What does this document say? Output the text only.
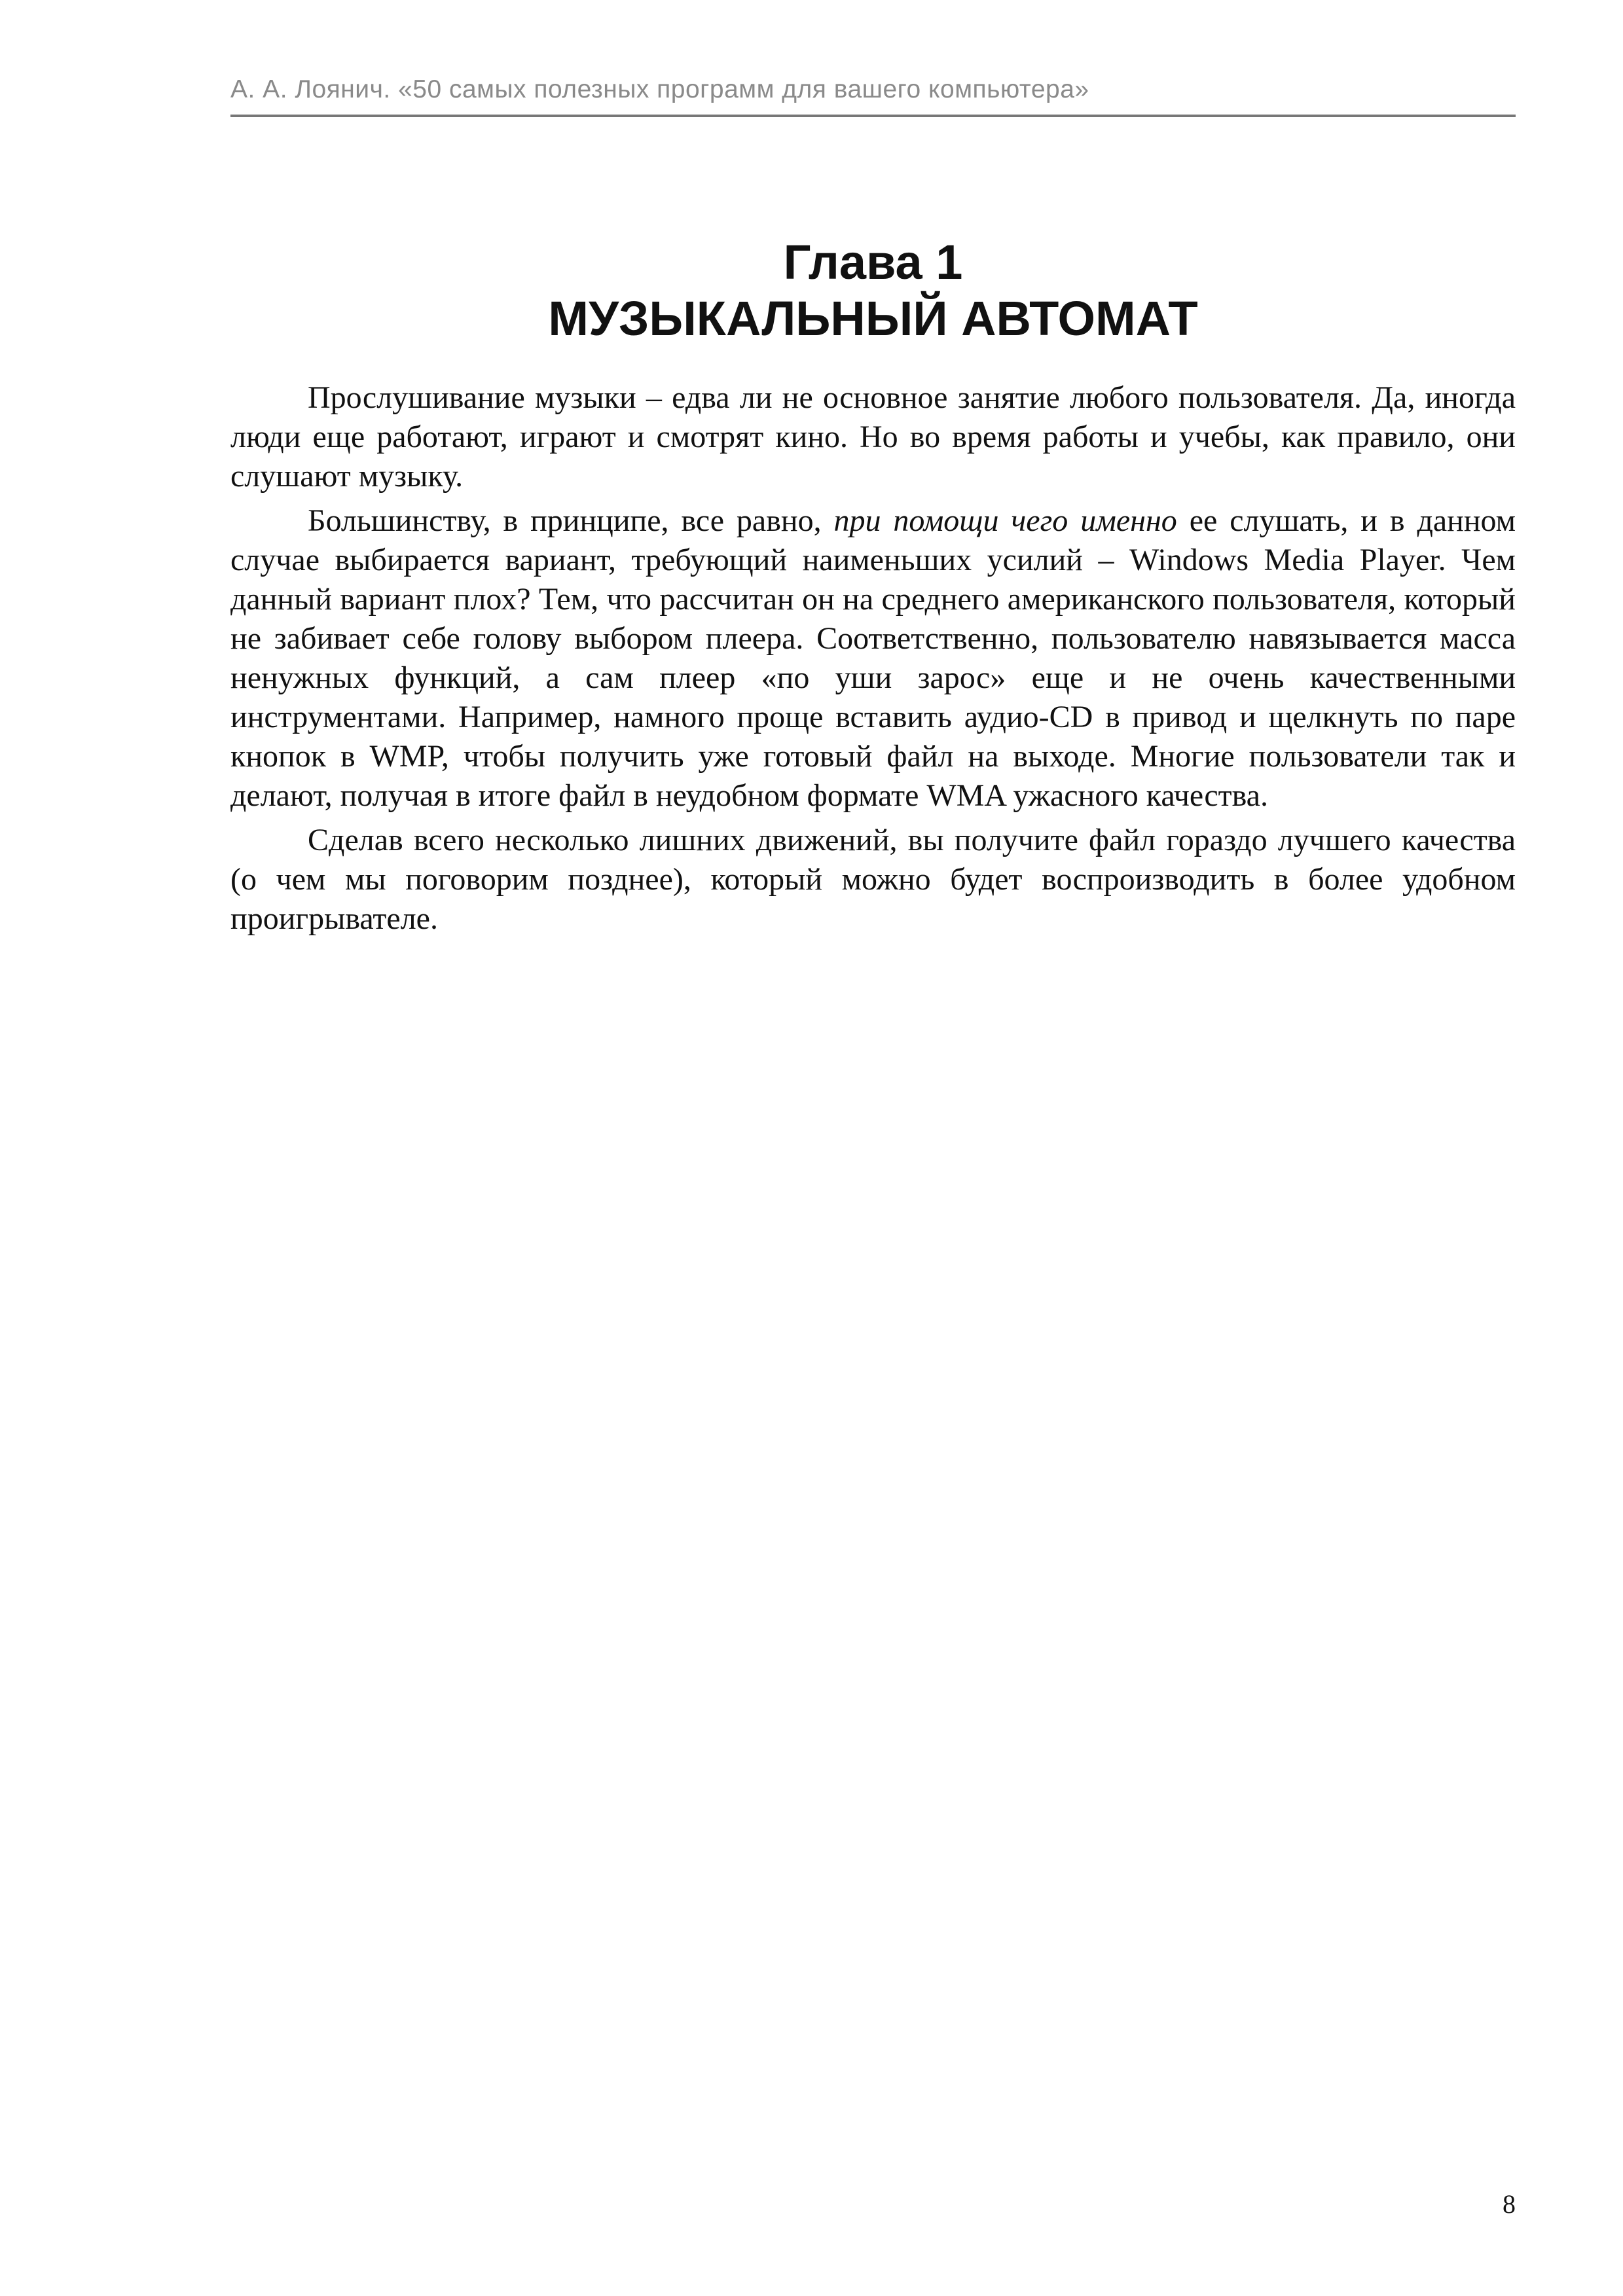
А. А. Лоянич. «50 самых полезных программ для вашего компьютера»
Глава 1
МУЗЫКАЛЬНЫЙ АВТОМАТ

Прослушивание музыки – едва ли не основное занятие любого пользователя. Да, иногда люди еще работают, играют и смотрят кино. Но во время работы и учебы, как правило, они слушают музыку.

Большинству, в принципе, все равно, при помощи чего именно ее слушать, и в данном случае выбирается вариант, требующий наименьших усилий – Windows Media Player. Чем данный вариант плох? Тем, что рассчитан он на среднего американского пользователя, который не забивает себе голову выбором плеера. Соответственно, пользователю навязывается масса ненужных функций, а сам плеер «по уши зарос» еще и не очень качественными инструментами. Например, намного проще вставить аудио-CD в привод и щелкнуть по паре кнопок в WMP, чтобы получить уже готовый файл на выходе. Многие пользователи так и делают, получая в итоге файл в неудобном формате WMA ужасного качества.

Сделав всего несколько лишних движений, вы получите файл гораздо лучшего качества (о чем мы поговорим позднее), который можно будет воспроизводить в более удобном проигрывателе.

8
